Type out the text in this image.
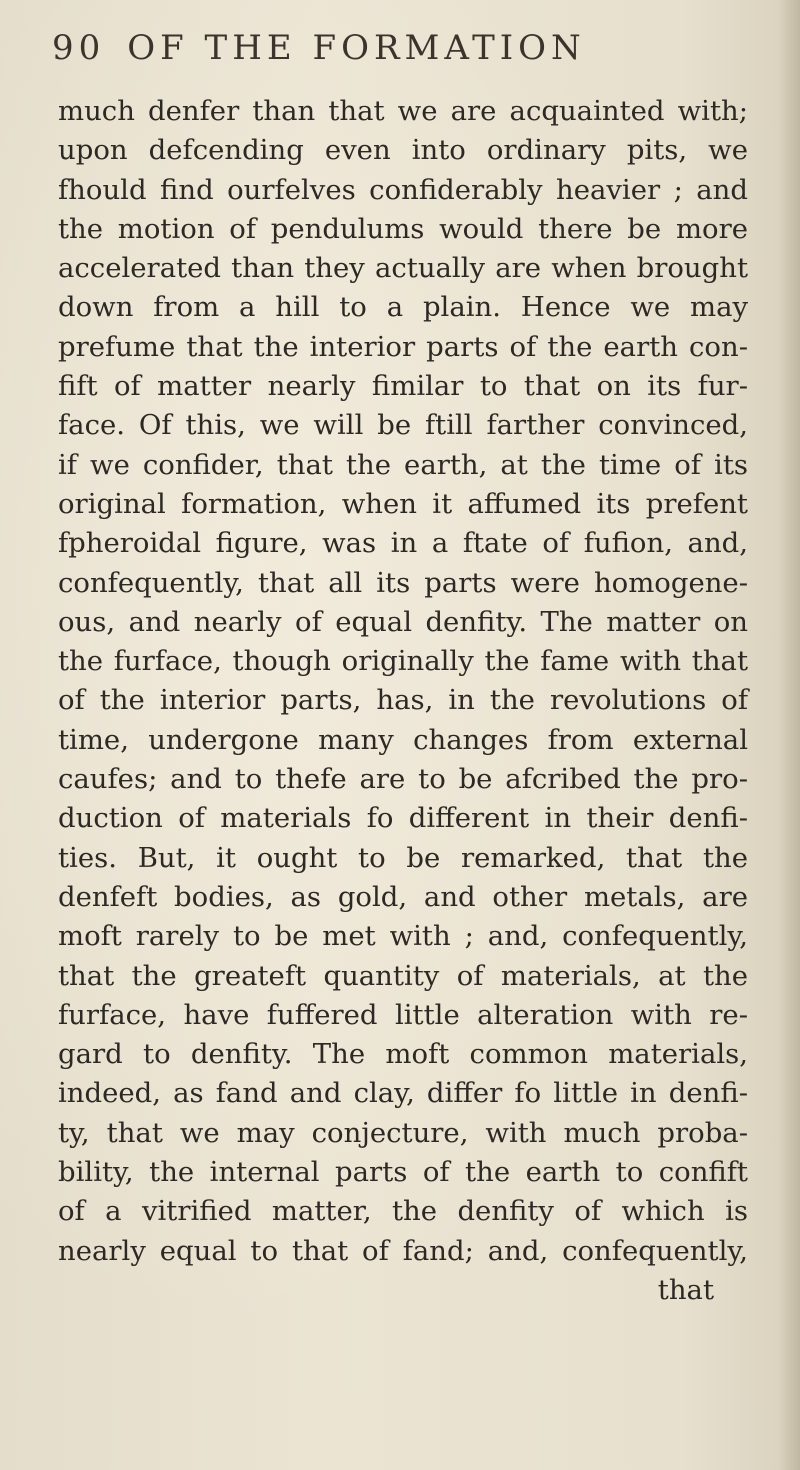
90 OF THE FORMATION
much denfer than that we are acquainted with;
upon defcending even into ordinary pits, we
fhould find ourfelves confiderably heavier ; and
the motion of pendulums would there be more
accelerated than they actually are when brought
down from a hill to a plain. Hence we may
prefume that the interior parts of the earth con-
fift of matter nearly fimilar to that on its fur-
face. Of this, we will be ftill farther convinced,
if we confider, that the earth, at the time of its
original formation, when it affumed its prefent
fpheroidal figure, was in a ftate of fufion, and,
confequently, that all its parts were homogene-
ous, and nearly of equal denfity. The matter on
the furface, though originally the fame with that
of the interior parts, has, in the revolutions of
time, undergone many changes from external
caufes; and to thefe are to be afcribed the pro-
duction of materials fo different in their denfi-
ties. But, it ought to be remarked, that the
denfeft bodies, as gold, and other metals, are
moft rarely to be met with ; and, confequently,
that the greateft quantity of materials, at the
furface, have fuffered little alteration with re-
gard to denfity. The moft common materials,
indeed, as fand and clay, differ fo little in denfi-
ty, that we may conjecture, with much proba-
bility, the internal parts of the earth to confift
of a vitrified matter, the denfity of which is
nearly equal to that of fand; and, confequently,
that
